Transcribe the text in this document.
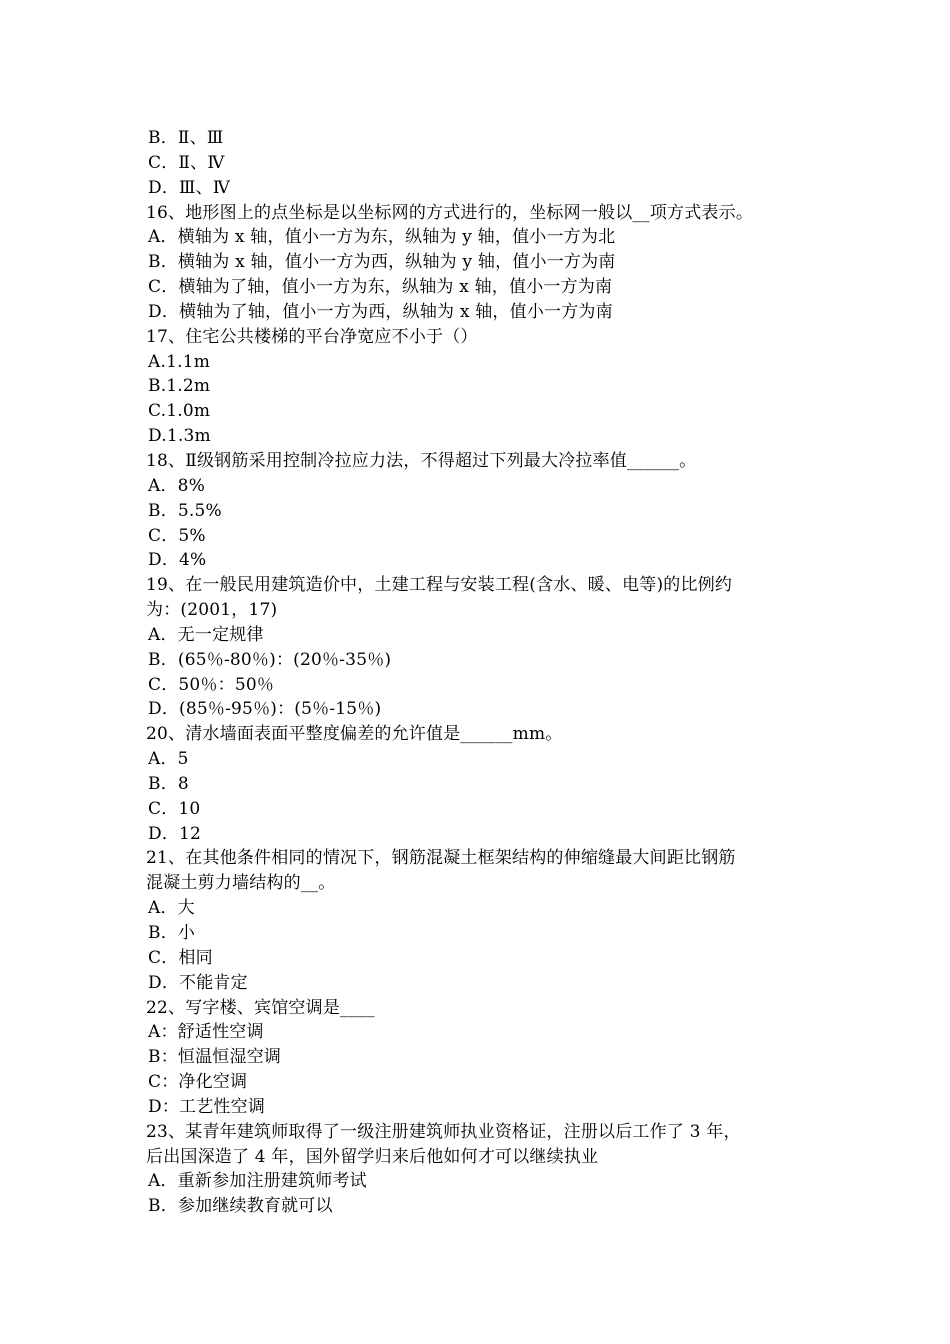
B．Ⅱ、Ⅲ
C．Ⅱ、Ⅳ
D．Ⅲ、Ⅳ
16、地形图上的点坐标是以坐标网的方式进行的，坐标网一般以__项方式表示。
A．横轴为 x 轴，值小一方为东，纵轴为 y 轴，值小一方为北
B．横轴为 x 轴，值小一方为西，纵轴为 y 轴，值小一方为南
C．横轴为了轴，值小一方为东，纵轴为 x 轴，值小一方为南
D．横轴为了轴，值小一方为西，纵轴为 x 轴，值小一方为南
17、住宅公共楼梯的平台净宽应不小于（）
A.1.1m
B.1.2m
C.1.0m
D.1.3m
18、Ⅱ级钢筋采用控制冷拉应力法，不得超过下列最大冷拉率值______。
A．8%
B．5.5%
C．5%
D．4%
19、在一般民用建筑造价中，土建工程与安装工程(含水、暖、电等)的比例约
为：(2001，17)
A．无一定规律
B．(65％-80％)：(20％-35％)
C．50％：50％
D．(85％-95％)：(5％-15％)
20、清水墙面表面平整度偏差的允许值是______mm。
A．5
B．8
C．10
D．12
21、在其他条件相同的情况下，钢筋混凝土框架结构的伸缩缝最大间距比钢筋
混凝土剪力墙结构的__。
A．大
B．小
C．相同
D．不能肯定
22、写字楼、宾馆空调是____
A：舒适性空调
B：恒温恒湿空调
C：净化空调
D：工艺性空调
23、某青年建筑师取得了一级注册建筑师执业资格证，注册以后工作了 3 年，
后出国深造了 4 年，国外留学归来后他如何才可以继续执业
A．重新参加注册建筑师考试
B．参加继续教育就可以
